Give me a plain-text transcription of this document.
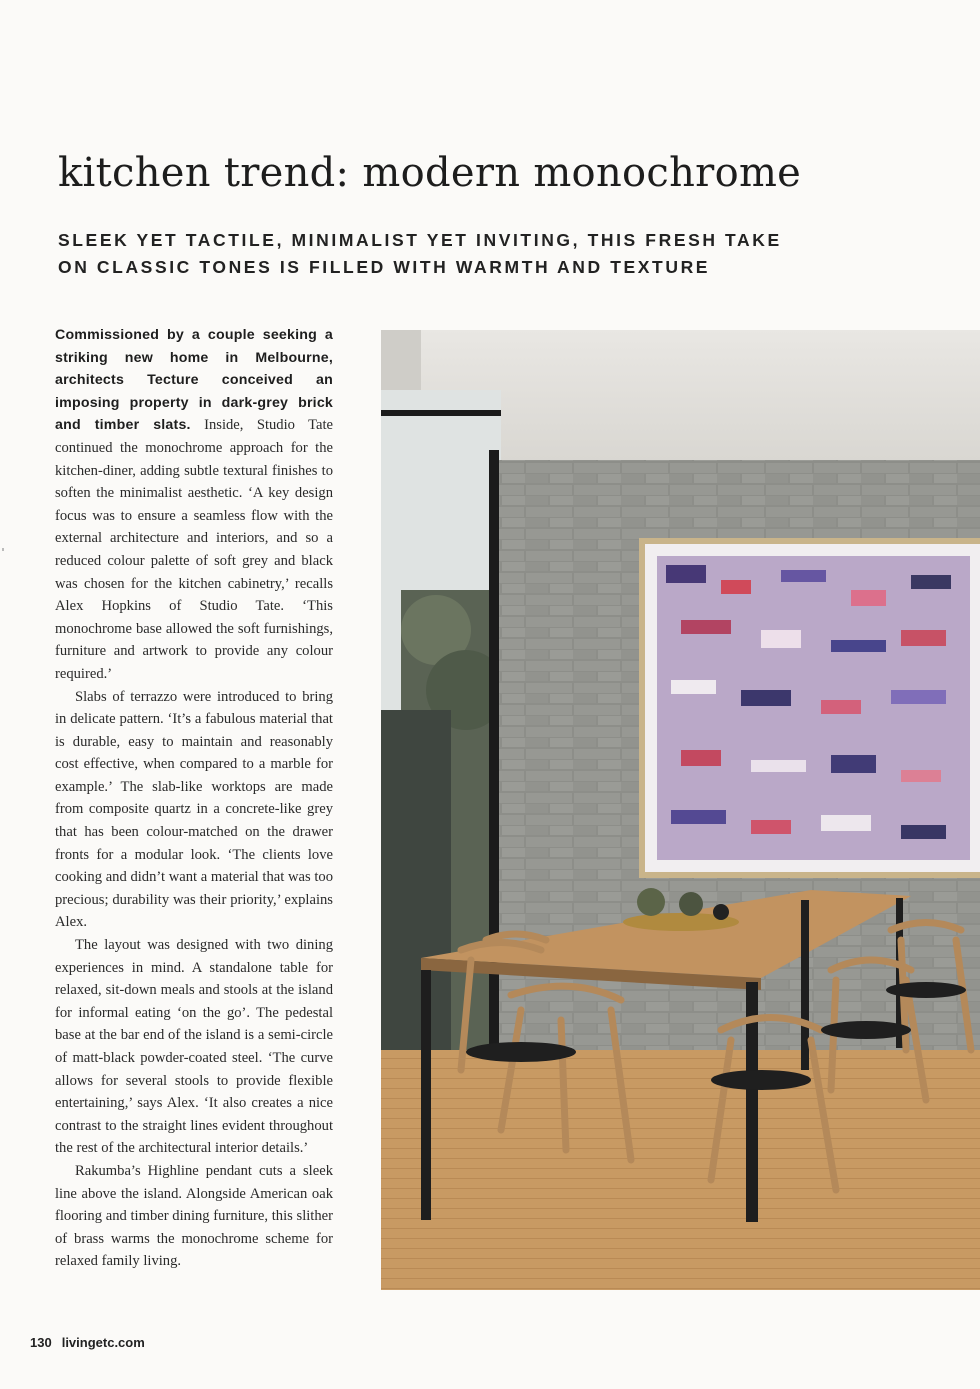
kitchen trend: modern monochrome
SLEEK YET TACTILE, MINIMALIST YET INVITING, THIS FRESH TAKE
ON CLASSIC TONES IS FILLED WITH WARMTH AND TEXTURE

Commissioned by a couple seeking a striking new home in Melbourne, architects Tecture conceived an imposing property in dark-grey brick and timber slats. Inside, Studio Tate continued the monochrome approach for the kitchen-diner, adding subtle textural finishes to soften the minimalist aesthetic. ‘A key design focus was to ensure a seamless flow with the external architecture and interiors, and so a reduced colour palette of soft grey and black was chosen for the kitchen cabinetry,’ recalls Alex Hopkins of Studio Tate. ‘This monochrome base allowed the soft furnishings, furniture and artwork to provide any colour required.’

Slabs of terrazzo were introduced to bring in delicate pattern. ‘It’s a fabulous material that is durable, easy to maintain and reasonably cost effective, when compared to a marble for example.’ The slab-like worktops are made from composite quartz in a concrete-like grey that has been colour-matched on the drawer fronts for a modular look. ‘The clients love cooking and didn’t want a material that was too precious; durability was their priority,’ explains Alex.

The layout was designed with two dining experiences in mind. A standalone table for relaxed, sit-down meals and stools at the island for informal eating ‘on the go’. The pedestal base at the bar end of the island is a semi-circle of matt-black powder-coated steel. ‘The curve allows for several stools to provide flexible entertaining,’ says Alex. ‘It also creates a nice contrast to the straight lines evident throughout the rest of the architectural interior details.’

Rakumba’s Highline pendant cuts a sleek line above the island. Alongside American oak flooring and timber dining furniture, this slither of brass warms the monochrome scheme for relaxed family living.

130 livingetc.com
